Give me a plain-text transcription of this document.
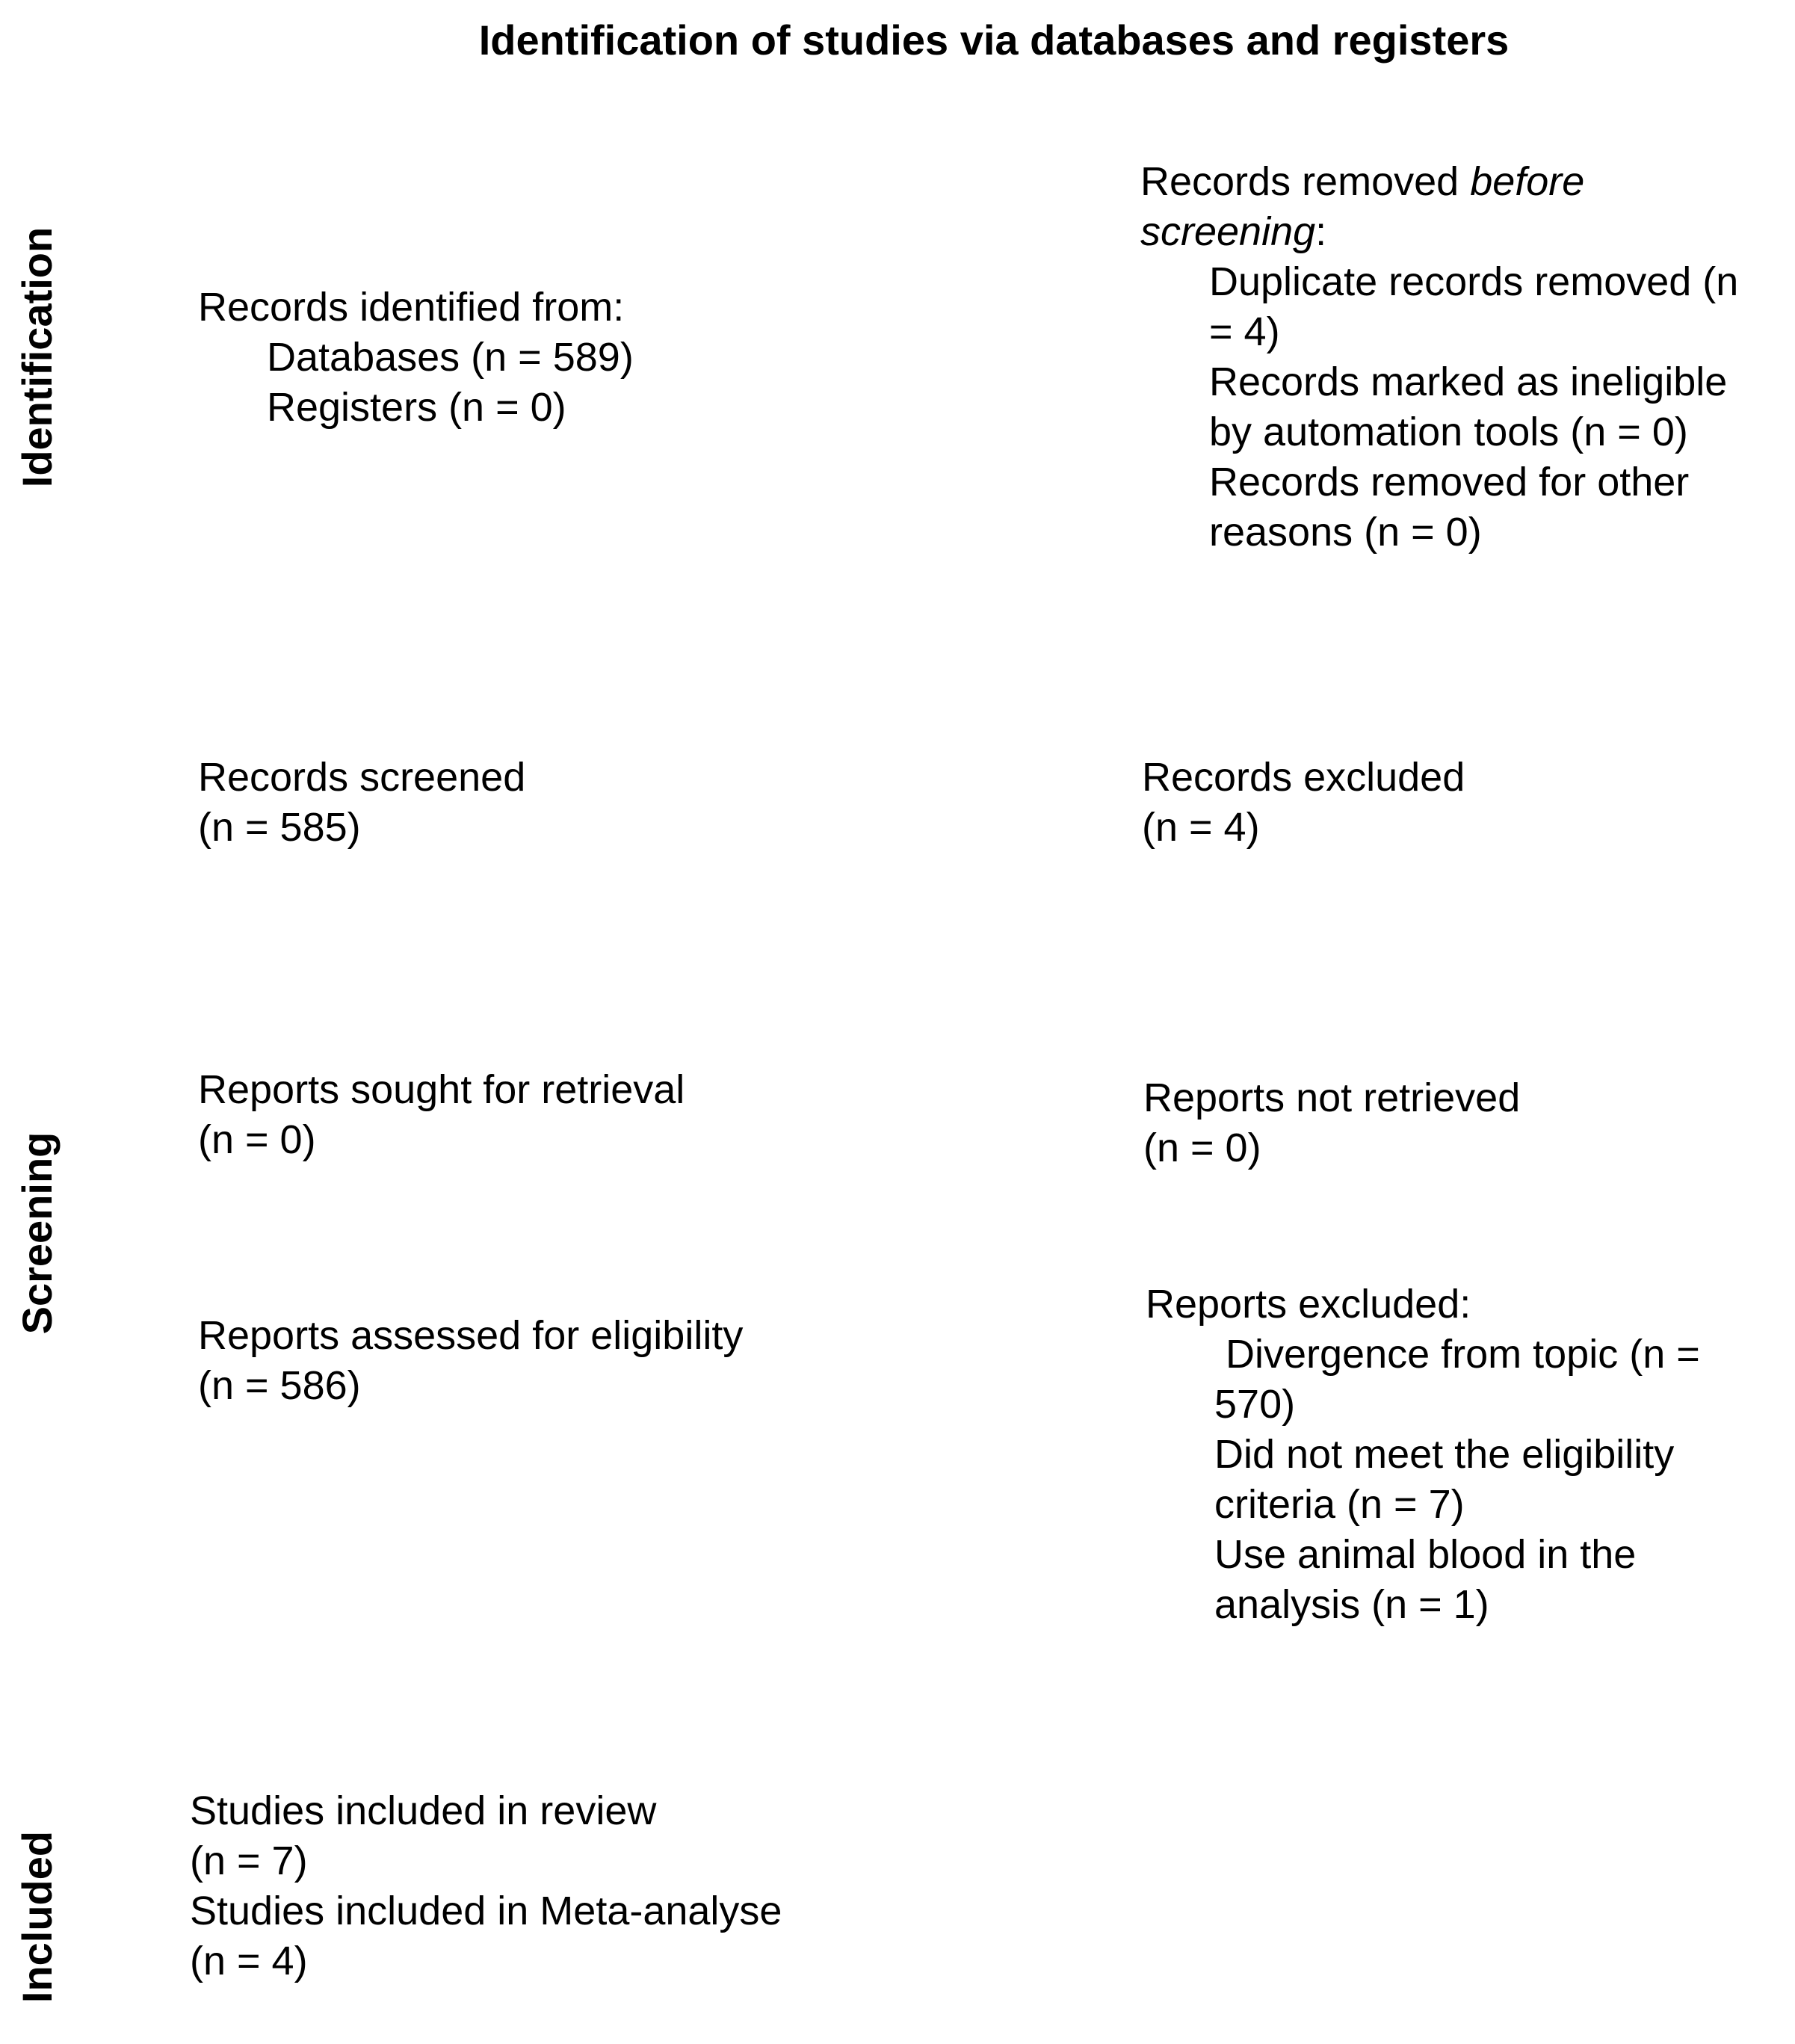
Identification of studies via databases and registers
Identification
Screening
Included
Records identified from:
Databases (n = 589)
Registers (n = 0)
Records removed before
screening:
Duplicate records removed (n
= 4)
Records marked as ineligible
by automation tools (n = 0)
Records removed for other
reasons (n = 0)
Records screened
(n = 585)
Records excluded
(n = 4)
Reports sought for retrieval
(n = 0)
Reports not retrieved
(n = 0)
Reports assessed for eligibility
(n = 586)
Reports excluded:
Divergence from topic (n =
570)
Did not meet the eligibility
criteria (n = 7)
Use animal blood in the
analysis (n = 1)
Studies included in review
(n = 7)
Studies included in Meta-analyse
(n = 4)
